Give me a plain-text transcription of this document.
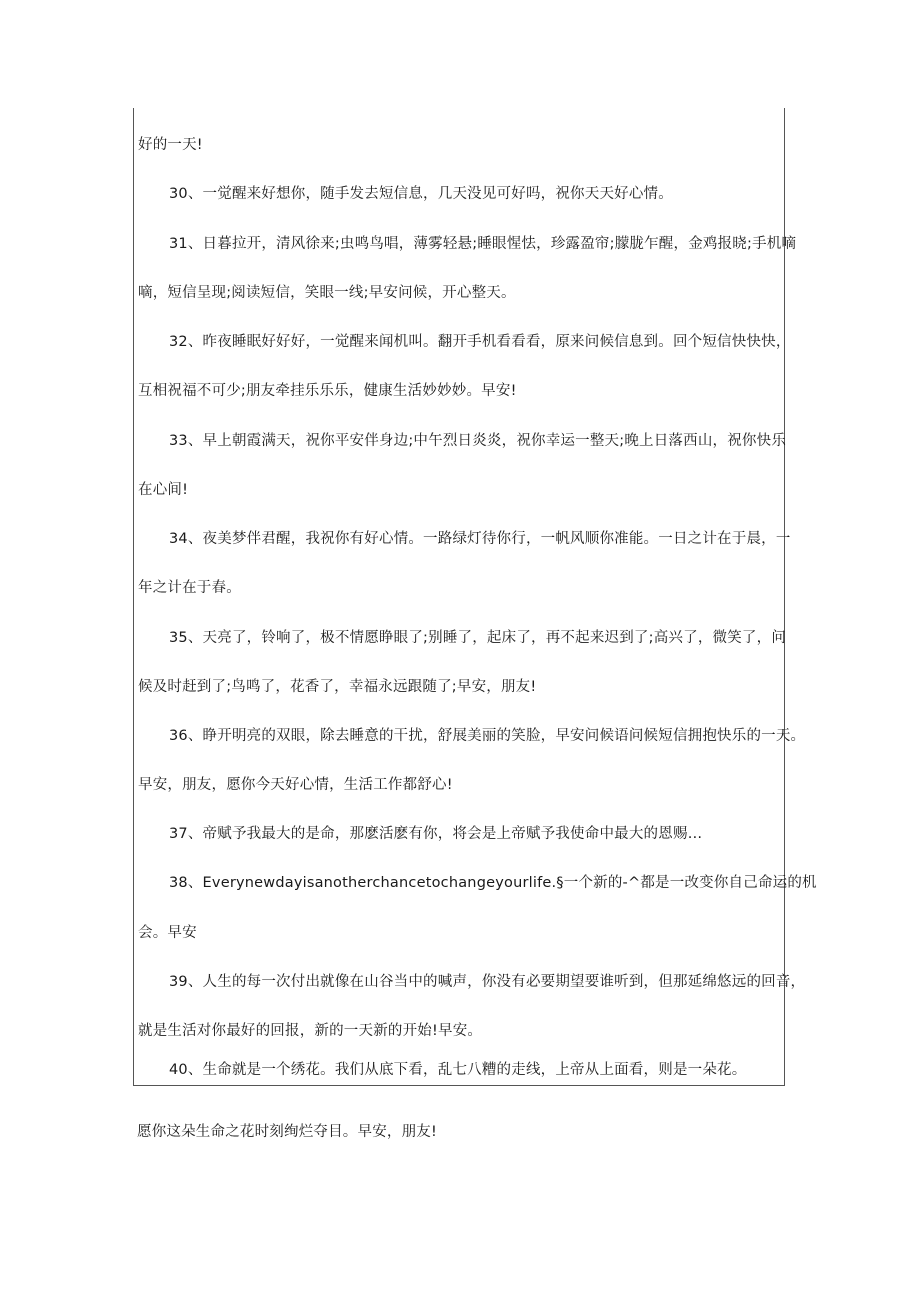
好的一天!
30、一觉醒来好想你，随手发去短信息，几天没见可好吗，祝你天天好心情。
31、日暮拉开，清风徐来;虫鸣鸟唱，薄雾轻悬;睡眼惺怯，珍露盈帘;朦胧乍醒，金鸡报晓;手机嘀
嘀，短信呈现;阅读短信，笑眼一线;早安问候，开心整天。
32、昨夜睡眠好好好，一觉醒来闻机叫。翻开手机看看看，原来问候信息到。回个短信快快快，
互相祝福不可少;朋友牵挂乐乐乐，健康生活妙妙妙。早安!
33、早上朝霞满天，祝你平安伴身边;中午烈日炎炎，祝你幸运一整天;晚上日落西山，祝你快乐
在心间!
34、夜美梦伴君醒，我祝你有好心情。一路绿灯待你行，一帆风顺你准能。一日之计在于晨，一
年之计在于春。
35、天亮了，铃响了，极不情愿睁眼了;别睡了，起床了，再不起来迟到了;高兴了，微笑了，问
候及时赶到了;鸟鸣了，花香了，幸福永远跟随了;早安，朋友!
36、睁开明亮的双眼，除去睡意的干扰，舒展美丽的笑脸，早安问候语问候短信拥抱快乐的一天。
早安，朋友，愿你今天好心情，生活工作都舒心!
37、帝赋予我最大的是命，那麽活麽有你，将会是上帝赋予我使命中最大的恩赐…
38、Everynewdayisanotherchancetochangeyourlife.§一个新的-^都是一改变你自己命运的机
会。早安
39、人生的每一次付出就像在山谷当中的喊声，你没有必要期望要谁听到，但那延绵悠远的回音，
就是生活对你最好的回报，新的一天新的开始!早安。
40、生命就是一个绣花。我们从底下看，乱七八糟的走线，上帝从上面看，则是一朵花。
愿你这朵生命之花时刻绚烂夺目。早安，朋友!
